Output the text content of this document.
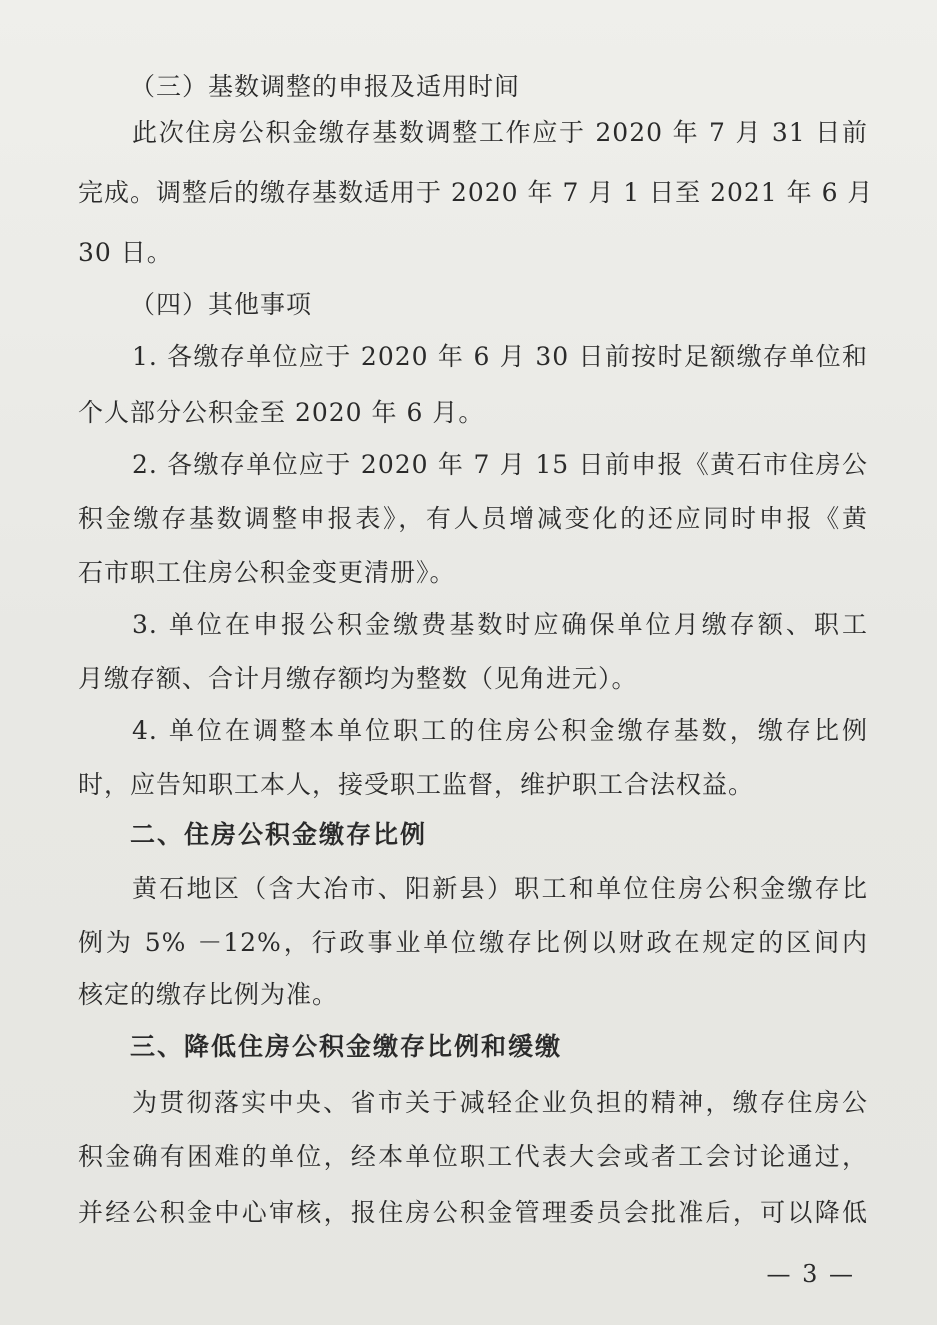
（三）基数调整的申报及适用时间
此次住房公积金缴存基数调整工作应于 2020 年 7 月 31 日前
完成。调整后的缴存基数适用于 2020 年 7 月 1 日至 2021 年 6 月
30 日。
（四）其他事项
1. 各缴存单位应于 2020 年 6 月 30 日前按时足额缴存单位和
个人部分公积金至 2020 年 6 月。
2. 各缴存单位应于 2020 年 7 月 15 日前申报《黄石市住房公
积金缴存基数调整申报表》，有人员增减变化的还应同时申报《黄
石市职工住房公积金变更清册》。
3. 单位在申报公积金缴费基数时应确保单位月缴存额、职工
月缴存额、合计月缴存额均为整数（见角进元）。
4. 单位在调整本单位职工的住房公积金缴存基数，缴存比例
时，应告知职工本人，接受职工监督，维护职工合法权益。
二、住房公积金缴存比例
黄石地区（含大冶市、阳新县）职工和单位住房公积金缴存比
例为 5% －12%，行政事业单位缴存比例以财政在规定的区间内
核定的缴存比例为准。
三、降低住房公积金缴存比例和缓缴
为贯彻落实中央、省市关于减轻企业负担的精神，缴存住房公
积金确有困难的单位，经本单位职工代表大会或者工会讨论通过，
并经公积金中心审核，报住房公积金管理委员会批准后，可以降低
— 3 —
